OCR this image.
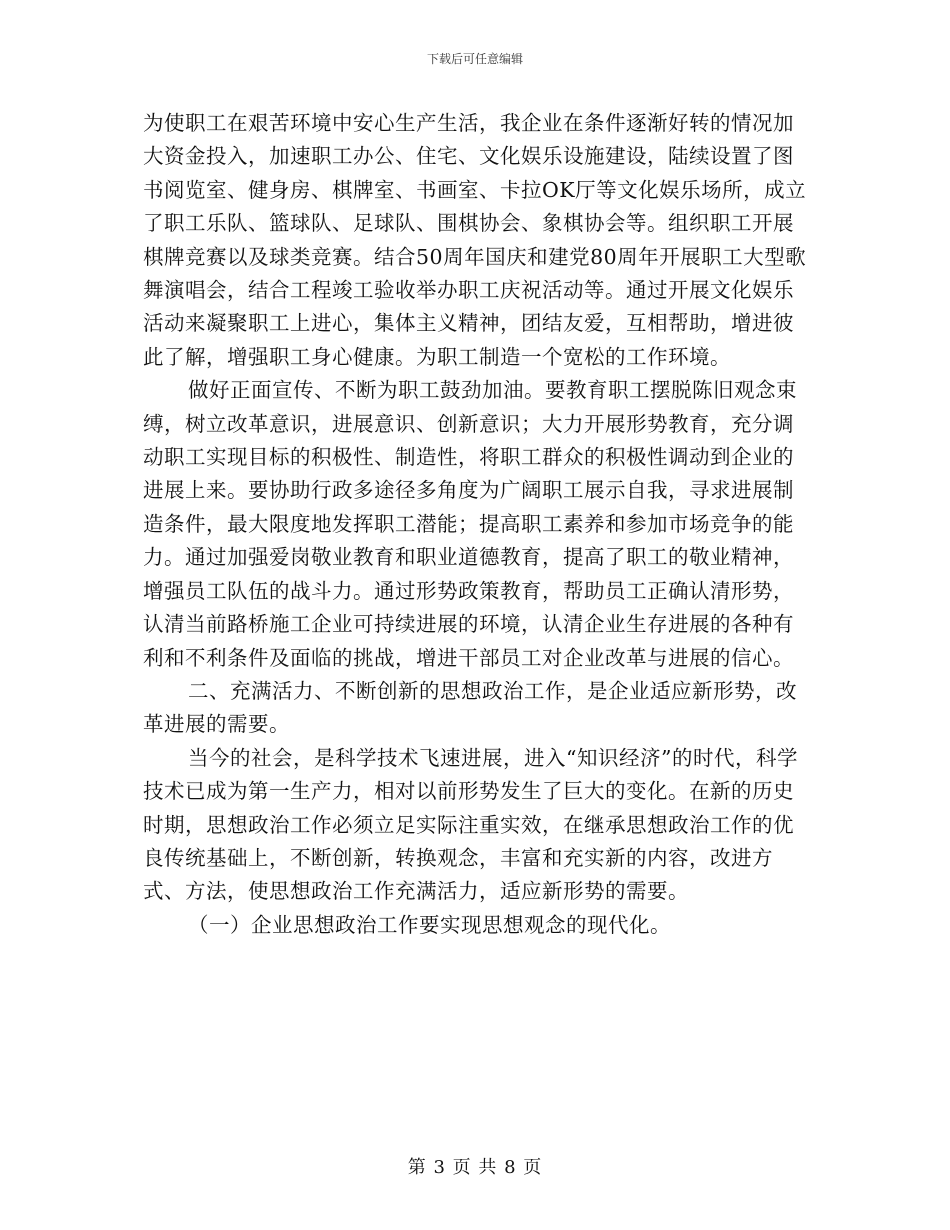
下载后可任意编辑

为使职工在艰苦环境中安心生产生活，我企业在条件逐渐好转的情况加大资金投入，加速职工办公、住宅、文化娱乐设施建设，陆续设置了图书阅览室、健身房、棋牌室、书画室、卡拉OK厅等文化娱乐场所，成立了职工乐队、篮球队、足球队、围棋协会、象棋协会等。组织职工开展棋牌竞赛以及球类竞赛。结合50周年国庆和建党80周年开展职工大型歌舞演唱会，结合工程竣工验收举办职工庆祝活动等。通过开展文化娱乐活动来凝聚职工上进心，集体主义精神，团结友爱，互相帮助，增进彼此了解，增强职工身心健康。为职工制造一个宽松的工作环境。

做好正面宣传、不断为职工鼓劲加油。要教育职工摆脱陈旧观念束缚，树立改革意识，进展意识、创新意识；大力开展形势教育，充分调动职工实现目标的积极性、制造性，将职工群众的积极性调动到企业的进展上来。要协助行政多途径多角度为广阔职工展示自我，寻求进展制造条件，最大限度地发挥职工潜能；提高职工素养和参加市场竞争的能力。通过加强爱岗敬业教育和职业道德教育，提高了职工的敬业精神，增强员工队伍的战斗力。通过形势政策教育，帮助员工正确认清形势，认清当前路桥施工企业可持续进展的环境，认清企业生存进展的各种有利和不利条件及面临的挑战，增进干部员工对企业改革与进展的信心。

二、充满活力、不断创新的思想政治工作，是企业适应新形势，改革进展的需要。

当今的社会，是科学技术飞速进展，进入“知识经济”的时代，科学技术已成为第一生产力，相对以前形势发生了巨大的变化。在新的历史时期，思想政治工作必须立足实际注重实效，在继承思想政治工作的优良传统基础上，不断创新，转换观念，丰富和充实新的内容，改进方式、方法，使思想政治工作充满活力，适应新形势的需要。

（一）企业思想政治工作要实现思想观念的现代化。

第 3 页 共 8 页
